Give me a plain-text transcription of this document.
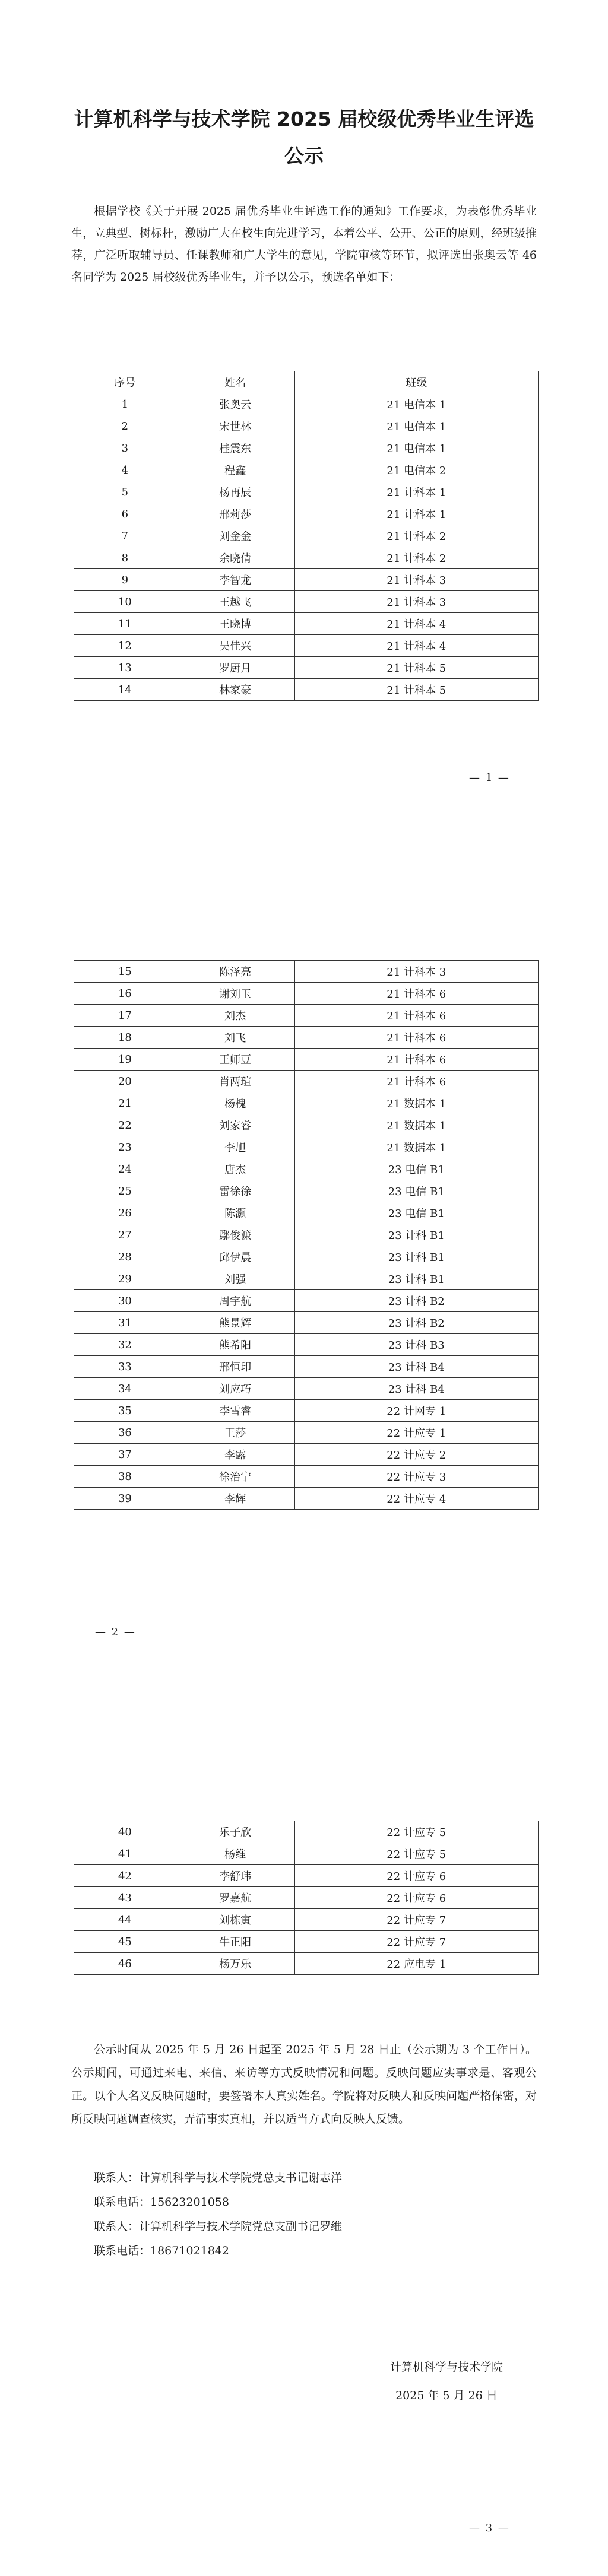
计算机科学与技术学院 2025 届校级优秀毕业生评选公示
根据学校《关于开展 2025 届优秀毕业生评选工作的通知》工作要求，为表彰优秀毕业生，立典型、树标杆，激励广大在校生向先进学习，本着公平、公开、公正的原则，经班级推荐，广泛听取辅导员、任课教师和广大学生的意见，学院审核等环节，拟评选出张奥云等 46 名同学为 2025 届校级优秀毕业生，并予以公示，预选名单如下：
序号	姓名	班级
1	张奥云	21 电信本 1
2	宋世林	21 电信本 1
3	桂震东	21 电信本 1
4	程鑫	21 电信本 2
5	杨再辰	21 计科本 1
6	邢莉莎	21 计科本 1
7	刘金金	21 计科本 2
8	余晓倩	21 计科本 2
9	李智龙	21 计科本 3
10	王越飞	21 计科本 3
11	王晓博	21 计科本 4
12	吴佳兴	21 计科本 4
13	罗厨月	21 计科本 5
14	林家豪	21 计科本 5
— 1 —
15	陈泽亮	21 计科本 3
16	谢刘玉	21 计科本 6
17	刘杰	21 计科本 6
18	刘飞	21 计科本 6
19	王师豆	21 计科本 6
20	肖两瑄	21 计科本 6
21	杨槐	21 数据本 1
22	刘家睿	21 数据本 1
23	李旭	21 数据本 1
24	唐杰	23 电信 B1
25	雷徐徐	23 电信 B1
26	陈灏	23 电信 B1
27	鄢俊濂	23 计科 B1
28	邱伊晨	23 计科 B1
29	刘强	23 计科 B1
30	周宇航	23 计科 B2
31	熊景辉	23 计科 B2
32	熊希阳	23 计科 B3
33	邢恒印	23 计科 B4
34	刘应巧	23 计科 B4
35	李雪睿	22 计网专 1
36	王莎	22 计应专 1
37	李露	22 计应专 2
38	徐治宁	22 计应专 3
39	李辉	22 计应专 4
— 2 —
40	乐子欣	22 计应专 5
41	杨维	22 计应专 5
42	李舒玮	22 计应专 6
43	罗嘉航	22 计应专 6
44	刘栋寅	22 计应专 7
45	牛正阳	22 计应专 7
46	杨万乐	22 应电专 1
公示时间从 2025 年 5 月 26 日起至 2025 年 5 月 28 日止（公示期为 3 个工作日）。公示期间，可通过来电、来信、来访等方式反映情况和问题。反映问题应实事求是、客观公正。以个人名义反映问题时，要签署本人真实姓名。学院将对反映人和反映问题严格保密，对所反映问题调查核实，弄清事实真相，并以适当方式向反映人反馈。
联系人：计算机科学与技术学院党总支书记谢志洋
联系电话：15623201058
联系人：计算机科学与技术学院党总支副书记罗维
联系电话：18671021842
计算机科学与技术学院
2025 年 5 月 26 日
— 3 —
